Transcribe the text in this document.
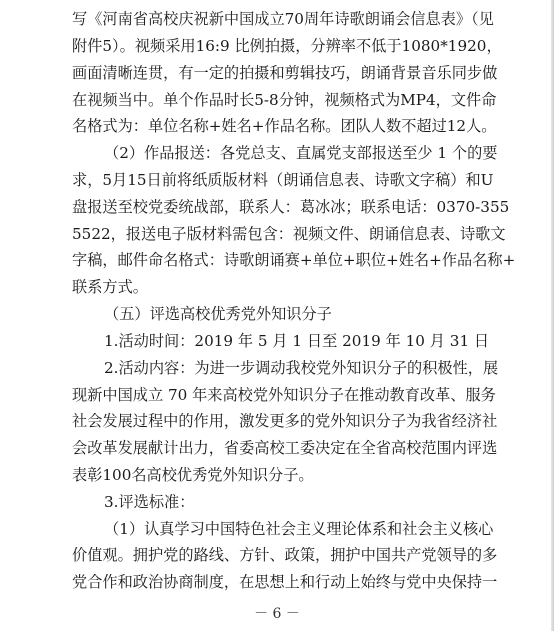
－ 6 －
写《河南省高校庆祝新中国成立70周年诗歌朗诵会信息表》（见
附件5）。视频采用16:9 比例拍摄，分辨率不低于1080*1920，
画面清晰连贯，有一定的拍摄和剪辑技巧，朗诵背景音乐同步做
在视频当中。单个作品时长5-8分钟，视频格式为MP4，文件命
名格式为：单位名称+姓名+作品名称。团队人数不超过12人。
（2）作品报送：各党总支、直属党支部报送至少 1 个的要
求，5月15日前将纸质版材料（朗诵信息表、诗歌文字稿）和U
盘报送至校党委统战部，联系人：葛冰冰；联系电话：0370-355
5522，报送电子版材料需包含：视频文件、朗诵信息表、诗歌文
字稿，邮件命名格式：诗歌朗诵赛+单位+职位+姓名+作品名称+
联系方式。
（五）评选高校优秀党外知识分子
1.活动时间：2019 年 5 月 1 日至 2019 年 10 月 31 日
2.活动内容：为进一步调动我校党外知识分子的积极性，展
现新中国成立 70 年来高校党外知识分子在推动教育改革、服务
社会发展过程中的作用，激发更多的党外知识分子为我省经济社
会改革发展献计出力，省委高校工委决定在全省高校范围内评选
表彰100名高校优秀党外知识分子。
3.评选标准：
（1）认真学习中国特色社会主义理论体系和社会主义核心
价值观。拥护党的路线、方针、政策，拥护中国共产党领导的多
党合作和政治协商制度，在思想上和行动上始终与党中央保持一
